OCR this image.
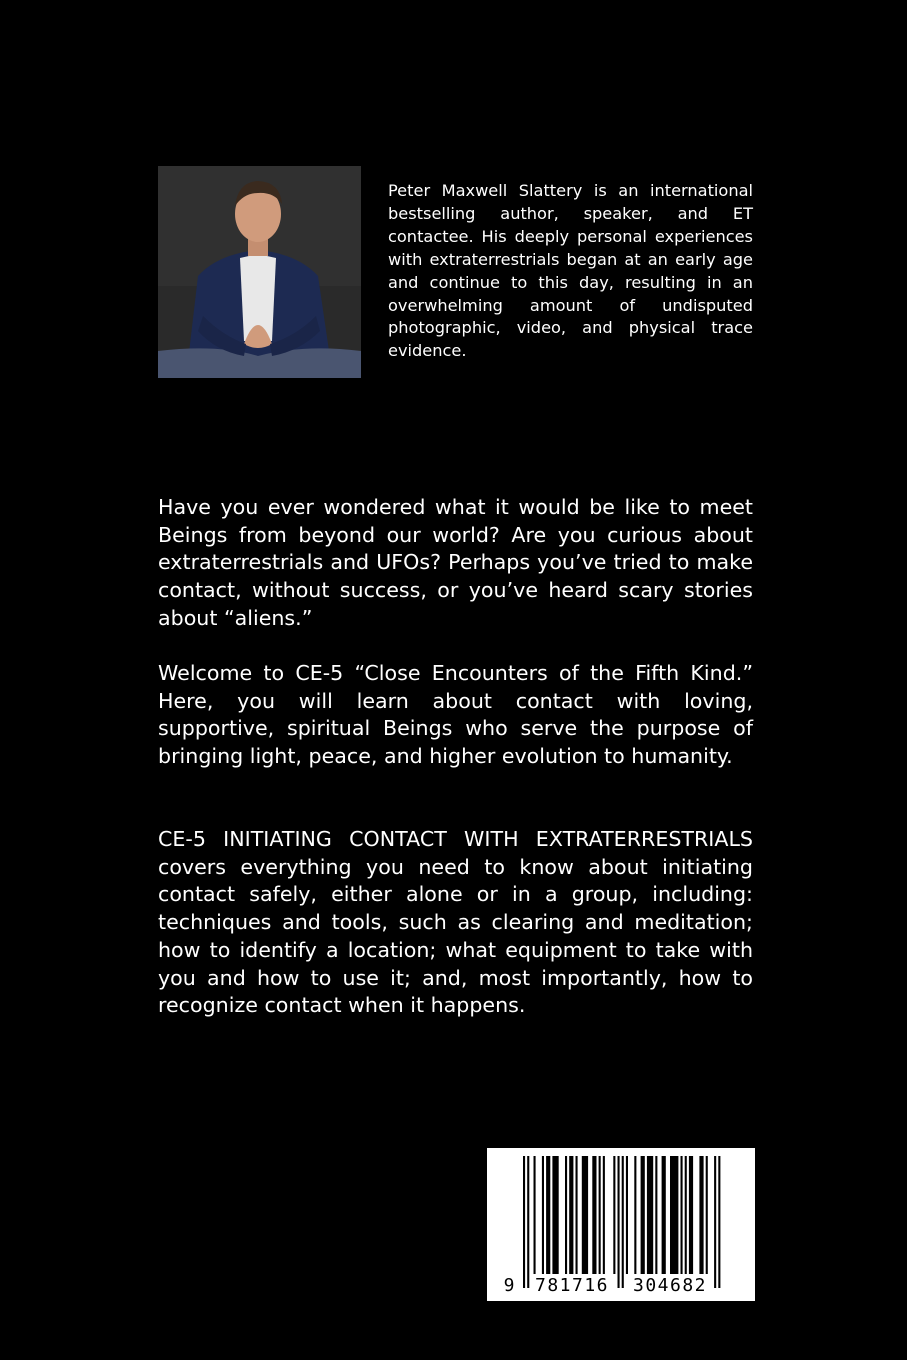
Peter Maxwell Slattery is an international bestselling author, speaker, and ET contactee. His deeply personal experiences with extraterrestrials began at an early age and continue to this day, resulting in an overwhelming amount of undisputed photographic, video, and physical trace evidence.

Have you ever wondered what it would be like to meet Beings from beyond our world? Are you curious about extraterrestrials and UFOs? Perhaps you’ve tried to make contact, without success, or you’ve heard scary stories about “aliens.”

Welcome to CE-5 “Close Encounters of the Fifth Kind.” Here, you will learn about contact with loving, supportive, spiritual Beings who serve the purpose of bringing light, peace, and higher evolution to humanity.

CE-5 INITIATING CONTACT WITH EXTRATERRESTRIALS covers everything you need to know about initiating contact safely, either alone or in a group, including: techniques and tools, such as clearing and meditation; how to identify a location; what equipment to take with you and how to use it; and, most importantly, how to recognize contact when it happens.

9 781716 304682
